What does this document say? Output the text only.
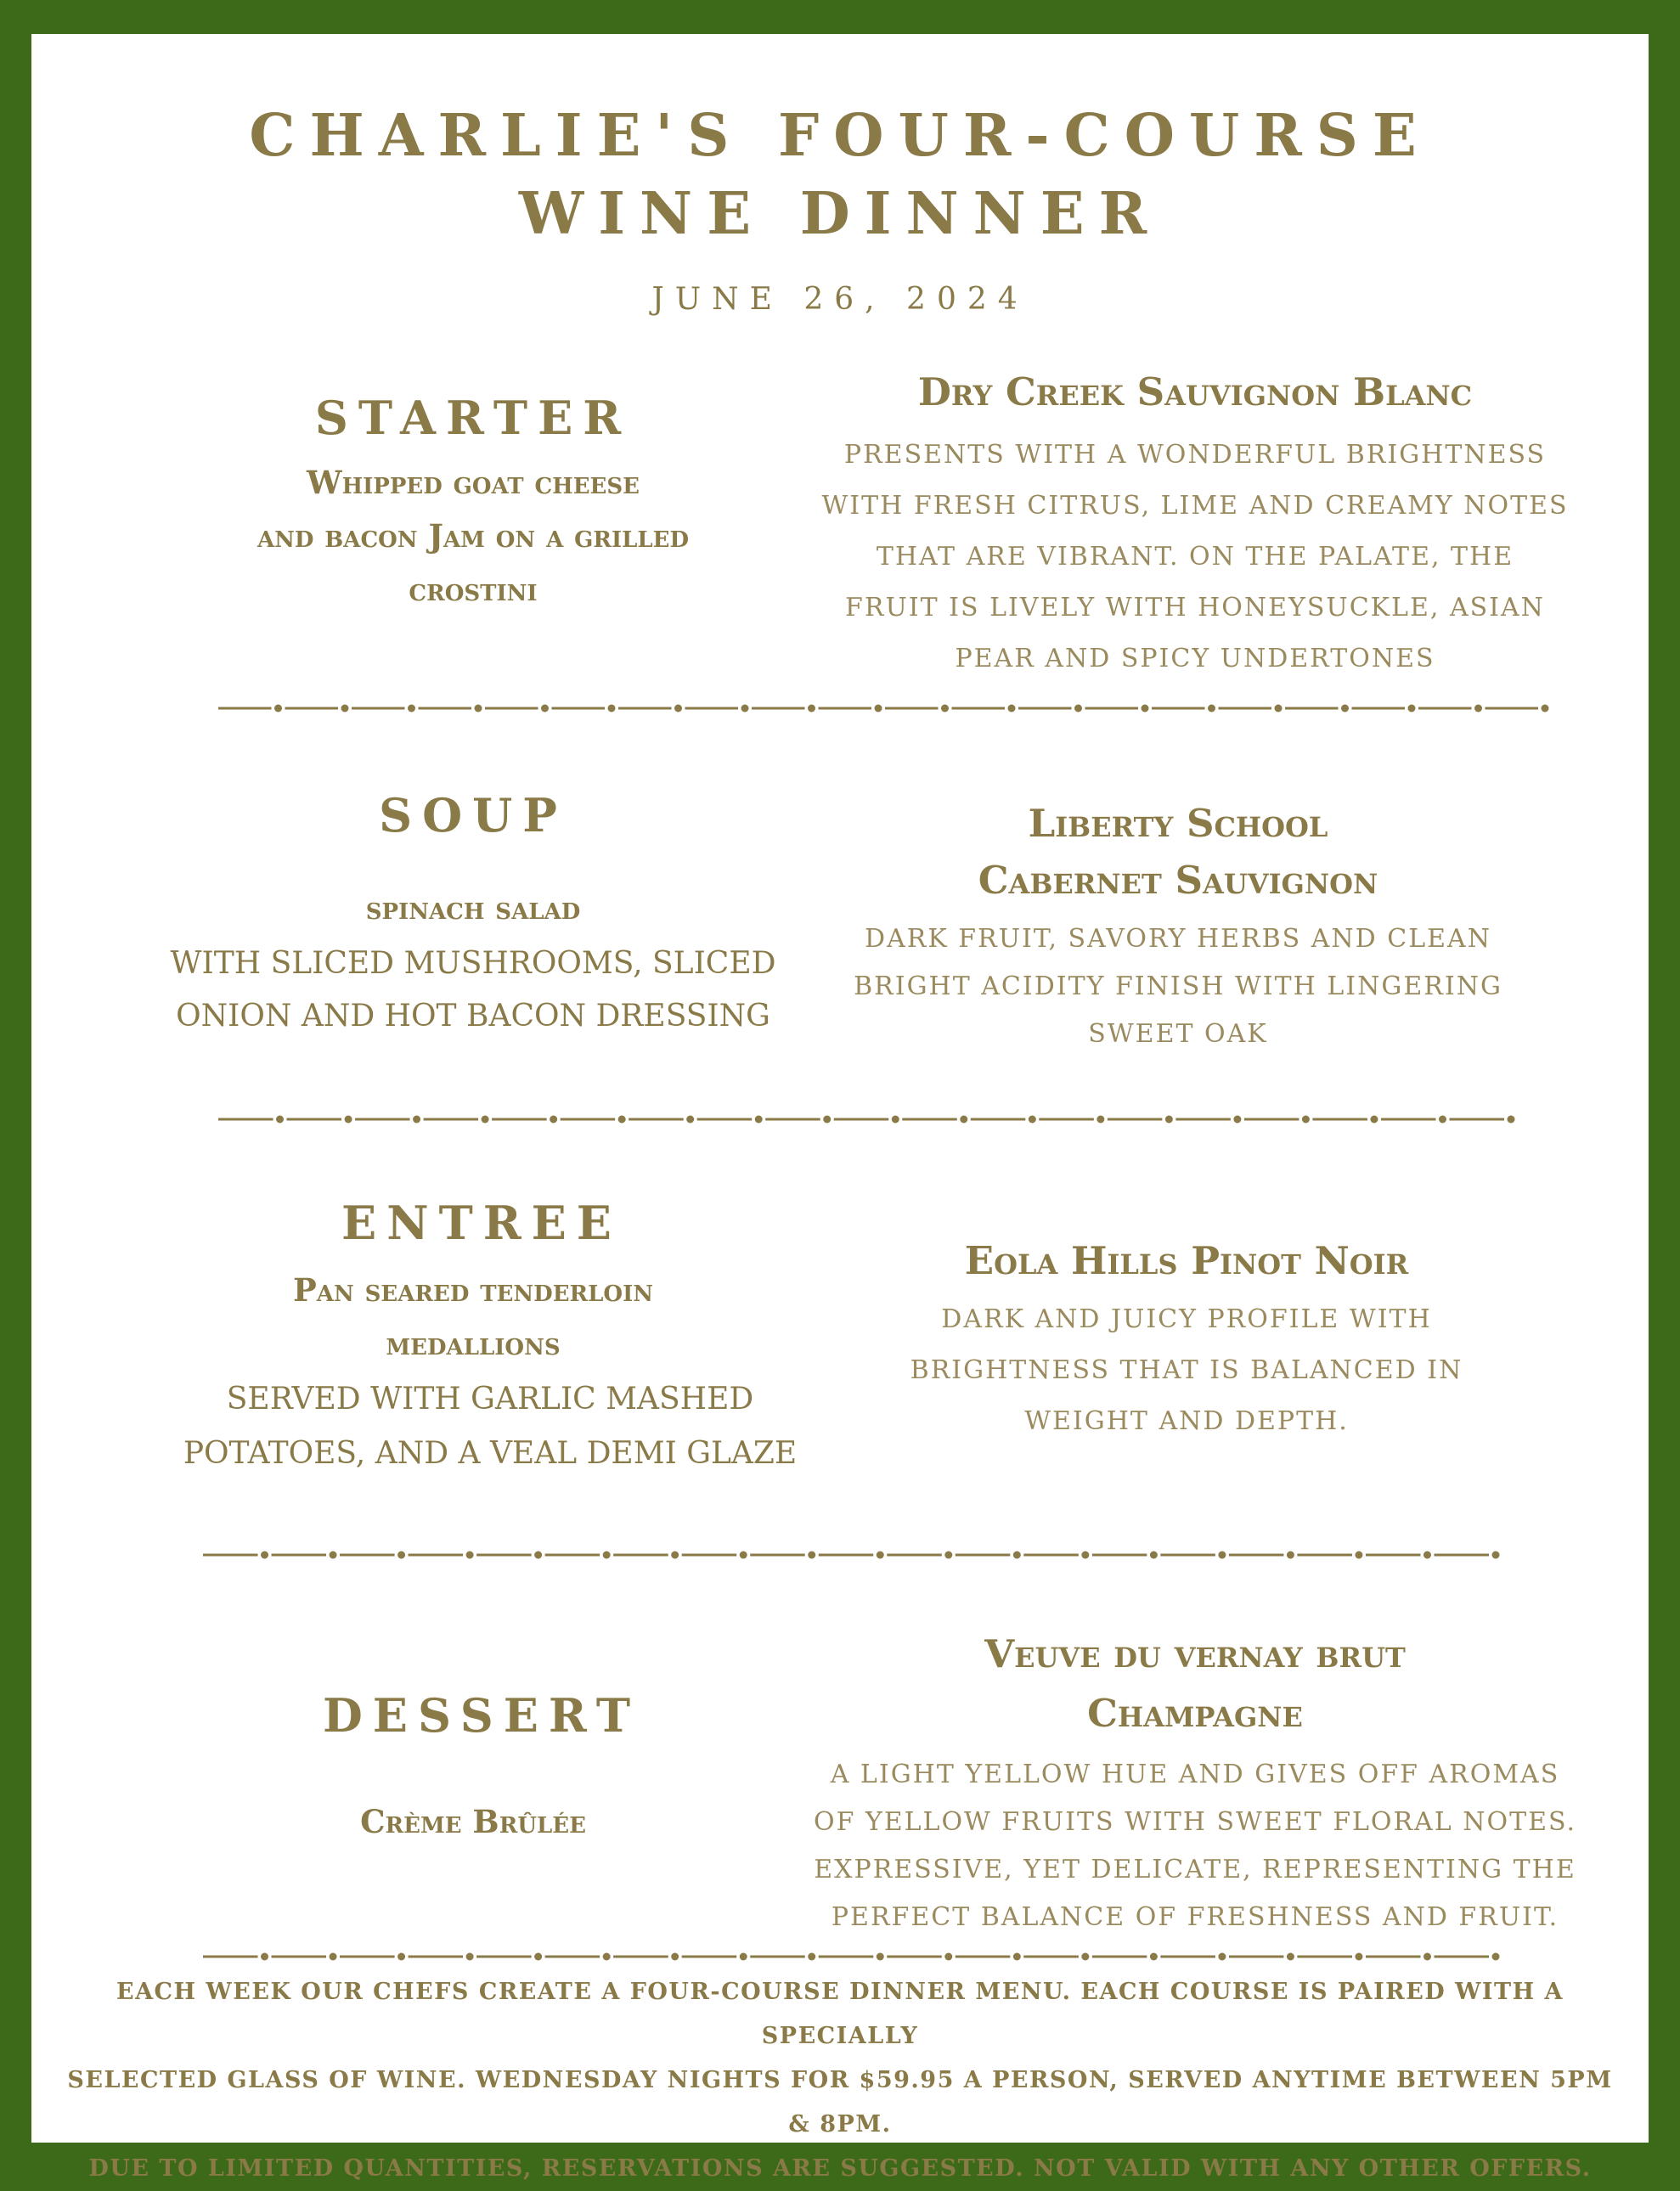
CHARLIE'S FOUR-COURSE
WINE DINNER
JUNE 26, 2024
STARTER
Whipped goat cheese
and bacon Jam on a grilled
crostini
Dry Creek Sauvignon Blanc
PRESENTS WITH A WONDERFUL BRIGHTNESS
WITH FRESH CITRUS, LIME AND CREAMY NOTES
THAT ARE VIBRANT. ON THE PALATE, THE
FRUIT IS LIVELY WITH HONEYSUCKLE, ASIAN
PEAR AND SPICY UNDERTONES
SOUP
spinach salad
WITH SLICED MUSHROOMS, SLICED
ONION AND HOT BACON DRESSING
Liberty School
Cabernet Sauvignon
DARK FRUIT, SAVORY HERBS AND CLEAN
BRIGHT ACIDITY FINISH WITH LINGERING
SWEET OAK
ENTREE
Pan seared tenderloin
medallions
SERVED WITH GARLIC MASHED
POTATOES, AND A VEAL DEMI GLAZE
Eola Hills Pinot Noir
DARK AND JUICY PROFILE WITH
BRIGHTNESS THAT IS BALANCED IN
WEIGHT AND DEPTH.
DESSERT
Crème Brûlée
Veuve du vernay brut
Champagne
A LIGHT YELLOW HUE AND GIVES OFF AROMAS
OF YELLOW FRUITS WITH SWEET FLORAL NOTES.
EXPRESSIVE, YET DELICATE, REPRESENTING THE
PERFECT BALANCE OF FRESHNESS AND FRUIT.
EACH WEEK OUR CHEFS CREATE A FOUR-COURSE DINNER MENU. EACH COURSE IS PAIRED WITH A SPECIALLY
SELECTED GLASS OF WINE. WEDNESDAY NIGHTS FOR $59.95 A PERSON, SERVED ANYTIME BETWEEN 5PM & 8PM.
DUE TO LIMITED QUANTITIES, RESERVATIONS ARE SUGGESTED. NOT VALID WITH ANY OTHER OFFERS.
